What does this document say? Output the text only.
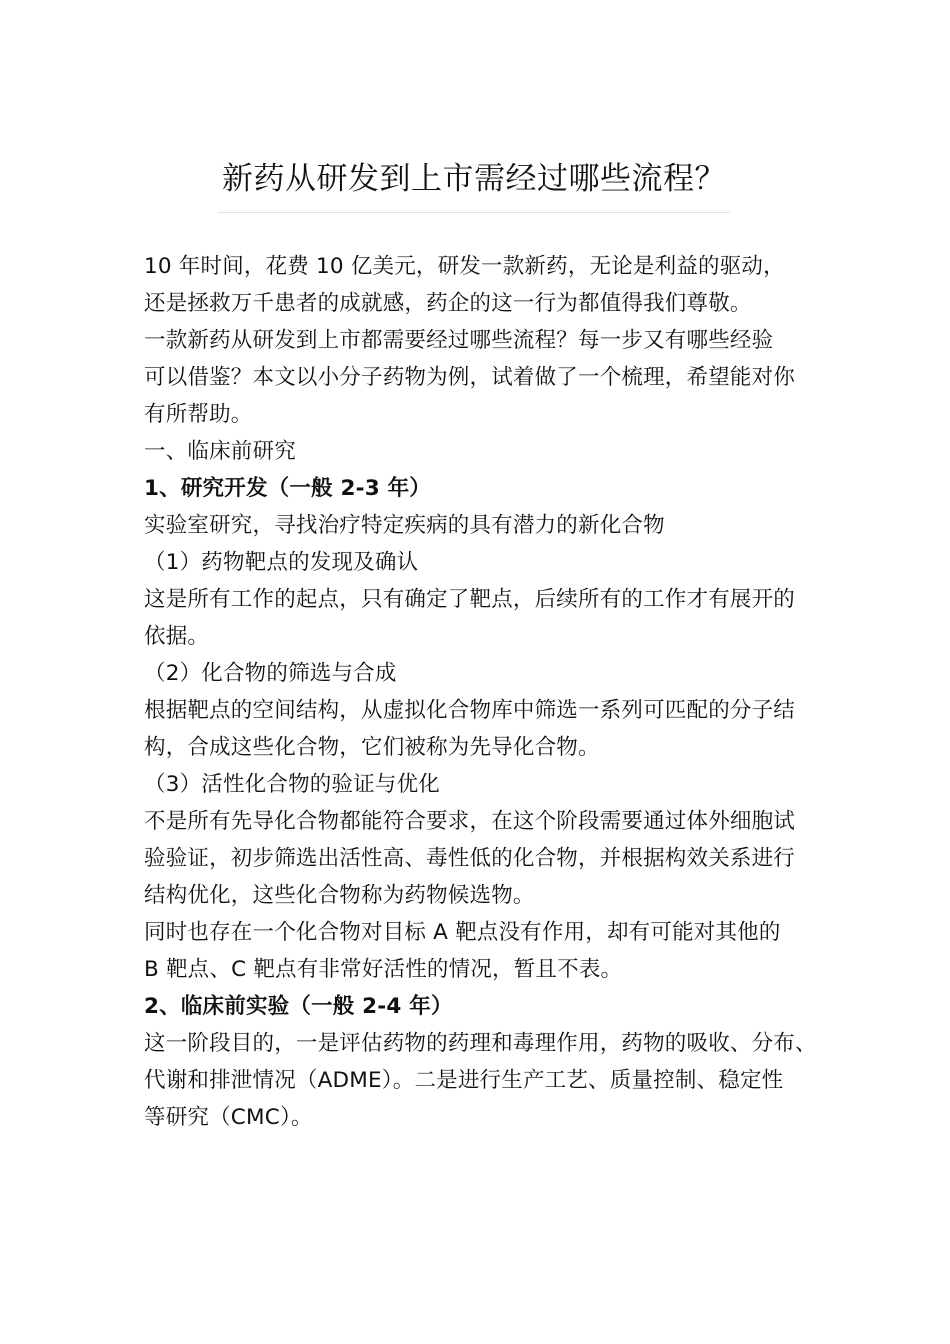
新药从研发到上市需经过哪些流程？

10 年时间，花费 10 亿美元，研发一款新药，无论是利益的驱动，

还是拯救万千患者的成就感，药企的这一行为都值得我们尊敬。

一款新药从研发到上市都需要经过哪些流程？每一步又有哪些经验

可以借鉴？本文以小分子药物为例，试着做了一个梳理，希望能对你

有所帮助。

一、临床前研究

1、研究开发（一般 2-3 年）

实验室研究，寻找治疗特定疾病的具有潜力的新化合物

（1）药物靶点的发现及确认

这是所有工作的起点，只有确定了靶点，后续所有的工作才有展开的

依据。

（2）化合物的筛选与合成

根据靶点的空间结构，从虚拟化合物库中筛选一系列可匹配的分子结

构，合成这些化合物，它们被称为先导化合物。

（3）活性化合物的验证与优化

不是所有先导化合物都能符合要求，在这个阶段需要通过体外细胞试

验验证，初步筛选出活性高、毒性低的化合物，并根据构效关系进行

结构优化，这些化合物称为药物候选物。

同时也存在一个化合物对目标 A 靶点没有作用，却有可能对其他的

B 靶点、C 靶点有非常好活性的情况，暂且不表。

2、临床前实验（一般 2-4 年）

这一阶段目的，一是评估药物的药理和毒理作用，药物的吸收、分布、

代谢和排泄情况（ADME）。二是进行生产工艺、质量控制、稳定性

等研究（CMC）。
